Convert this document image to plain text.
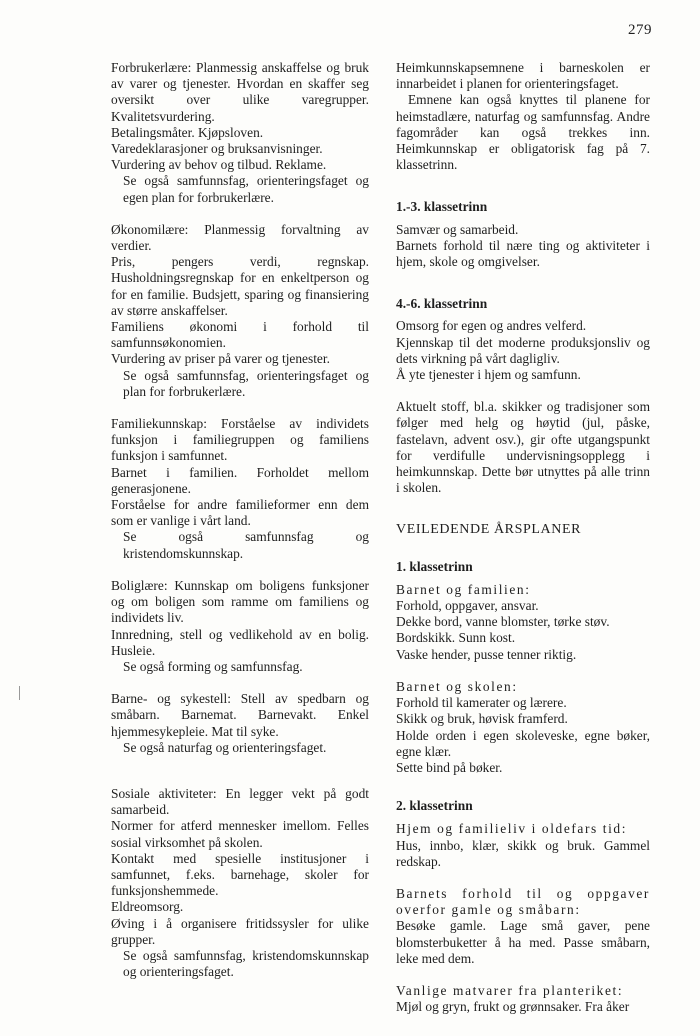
279

Forbrukerlære: Planmessig anskaffelse og bruk av varer og tjenester. Hvordan en skaffer seg oversikt over ulike varegrupper. Kvalitetsvurdering.

Betalingsmåter. Kjøpsloven.

Varedeklarasjoner og bruksanvisninger.

Vurdering av behov og tilbud. Reklame.

Se også samfunnsfag, orienteringsfaget og egen plan for forbrukerlære.

Økonomilære: Planmessig forvaltning av verdier.

Pris, pengers verdi, regnskap. Husholdningsregnskap for en enkeltperson og for en familie. Budsjett, sparing og finansiering av større anskaffelser.

Familiens økonomi i forhold til samfunnsøkonomien.

Vurdering av priser på varer og tjenester.

Se også samfunnsfag, orienteringsfaget og plan for forbrukerlære.

Familiekunnskap: Forståelse av individets funksjon i familiegruppen og familiens funksjon i samfunnet.

Barnet i familien. Forholdet mellom generasjonene.

Forståelse for andre familieformer enn dem som er vanlige i vårt land.

Se også samfunnsfag og kristendomskunnskap.

Boliglære: Kunnskap om boligens funksjoner og om boligen som ramme om familiens og individets liv.

Innredning, stell og vedlikehold av en bolig. Husleie.

Se også forming og samfunnsfag.

Barne- og sykestell: Stell av spedbarn og småbarn. Barnemat. Barnevakt. Enkel hjemmesykepleie. Mat til syke.

Se også naturfag og orienteringsfaget.

Sosiale aktiviteter: En legger vekt på godt samarbeid.

Normer for atferd mennesker imellom. Felles sosial virksomhet på skolen.

Kontakt med spesielle institusjoner i samfunnet, f.eks. barnehage, skoler for funksjonshemmede.

Eldreomsorg.

Øving i å organisere fritidssysler for ulike grupper.

Se også samfunnsfag, kristendomskunnskap og orienteringsfaget.

Heimkunnskapsemnene i barneskolen er innarbeidet i planen for orienteringsfaget.

Emnene kan også knyttes til planene for heimstadlære, naturfag og samfunnsfag. Andre fagområder kan også trekkes inn. Heimkunnskap er obligatorisk fag på 7. klassetrinn.

1.-3. klassetrinn

Samvær og samarbeid.

Barnets forhold til nære ting og aktiviteter i hjem, skole og omgivelser.

4.-6. klassetrinn

Omsorg for egen og andres velferd.

Kjennskap til det moderne produksjonsliv og dets virkning på vårt dagligliv.

Å yte tjenester i hjem og samfunn.

Aktuelt stoff, bl.a. skikker og tradisjoner som følger med helg og høytid (jul, påske, fastelavn, advent osv.), gir ofte utgangspunkt for verdifulle undervisningsopplegg i heimkunnskap. Dette bør utnyttes på alle trinn i skolen.

VEILEDENDE ÅRSPLANER
1. klassetrinn

Barnet og familien:

Forhold, oppgaver, ansvar.

Dekke bord, vanne blomster, tørke støv.

Bordskikk. Sunn kost.

Vaske hender, pusse tenner riktig.

Barnet og skolen:

Forhold til kamerater og lærere.

Skikk og bruk, høvisk framferd.

Holde orden i egen skoleveske, egne bøker, egne klær.

Sette bind på bøker.

2. klassetrinn

Hjem og familieliv i oldefars tid:

Hus, innbo, klær, skikk og bruk. Gammel redskap.

Barnets forhold til og oppgaver overfor gamle og småbarn:

Besøke gamle. Lage små gaver, pene blomsterbuketter å ha med. Passe småbarn, leke med dem.

Vanlige matvarer fra planteriket:

Mjøl og gryn, frukt og grønnsaker. Fra åker
